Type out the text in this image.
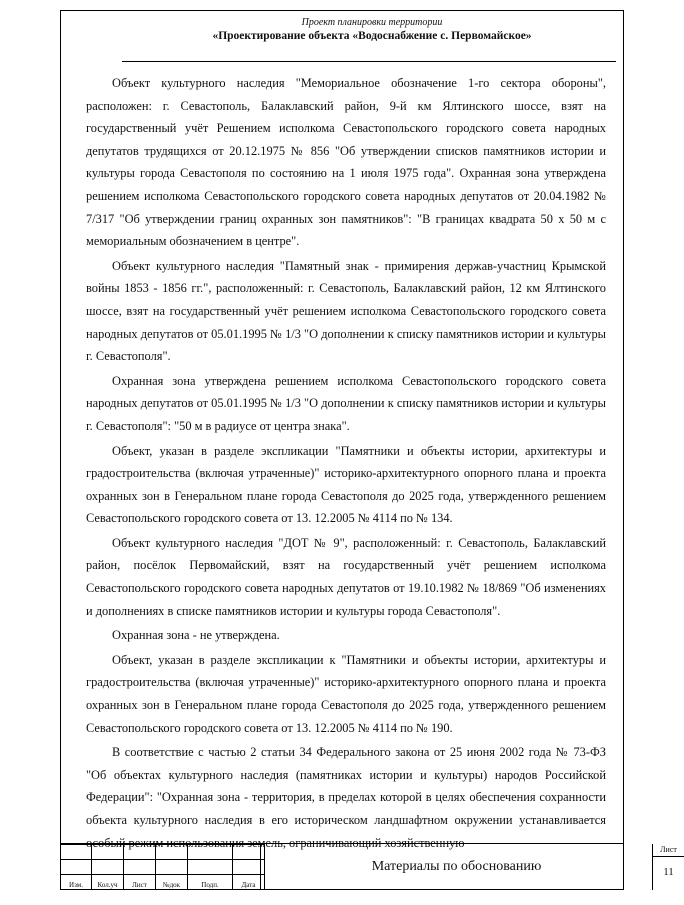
Проект планировки территории
«Проектирование объекта «Водоснабжение с. Первомайское»

Объект культурного наследия "Мемориальное обозначение 1-го сектора обороны", расположен: г. Севастополь, Балаклавский район, 9-й км Ялтинского шоссе, взят на государственный учёт Решением исполкома Севастопольского городского совета народных депутатов трудящихся от 20.12.1975 № 856 "Об утверждении списков памятников истории и культуры города Севастополя по состоянию на 1 июля 1975 года". Охранная зона утверждена решением исполкома Севастопольского городского совета народных депутатов от 20.04.1982 № 7/317 "Об утверждении границ охранных зон памятников": "В границах квадрата 50 х 50 м с мемориальным обозначением в центре".

Объект культурного наследия "Памятный знак - примирения держав-участниц Крымской войны 1853 - 1856 гг.", расположенный: г. Севастополь, Балаклавский район, 12 км Ялтинского шоссе, взят на государственный учёт решением исполкома Севастопольского городского совета народных депутатов от 05.01.1995 № 1/3 "О дополнении к списку памятников истории и культуры г. Севастополя".

Охранная зона утверждена решением исполкома Севастопольского городского совета народных депутатов от 05.01.1995 № 1/3 "О дополнении к списку памятников истории и культуры г. Севастополя": "50 м в радиусе от центра знака".

Объект, указан в разделе экспликации "Памятники и объекты истории, архитектуры и градостроительства (включая утраченные)" историко-архитектурного опорного плана и проекта охранных зон в Генеральном плане города Севастополя до 2025 года, утвержденного решением Севастопольского городского совета от 13. 12.2005 № 4114 по № 134.

Объект культурного наследия "ДОТ № 9", расположенный: г. Севастополь, Балаклавский район, посёлок Первомайский, взят на государственный учёт решением исполкома Севастопольского городского совета народных депутатов от 19.10.1982 № 18/869 "Об изменениях и дополнениях в списке памятников истории и культуры города Севастополя".

Охранная зона - не утверждена.

Объект, указан в разделе экспликации к "Памятники и объекты истории, архитектуры и градостроительства (включая утраченные)" историко-архитектурного опорного плана и проекта охранных зон в Генеральном плане города Севастополя до 2025 года, утвержденного решением Севастопольского городского совета от 13. 12.2005 № 4114 по № 190.

В соответствие с частью 2 статьи 34 Федерального закона от 25 июня 2002 года № 73-ФЗ "Об объектах культурного наследия (памятниках истории и культуры) народов Российской Федерации": "Охранная зона - территория, в пределах которой в целях обеспечения сохранности объекта культурного наследия в его историческом ландшафтном окружении устанавливается особый режим использования земель, ограничивающий хозяйственную

Изм.	Кол.уч	Лист	№док	Подп.	Дата
Материалы по обоснованию
Лист
11
